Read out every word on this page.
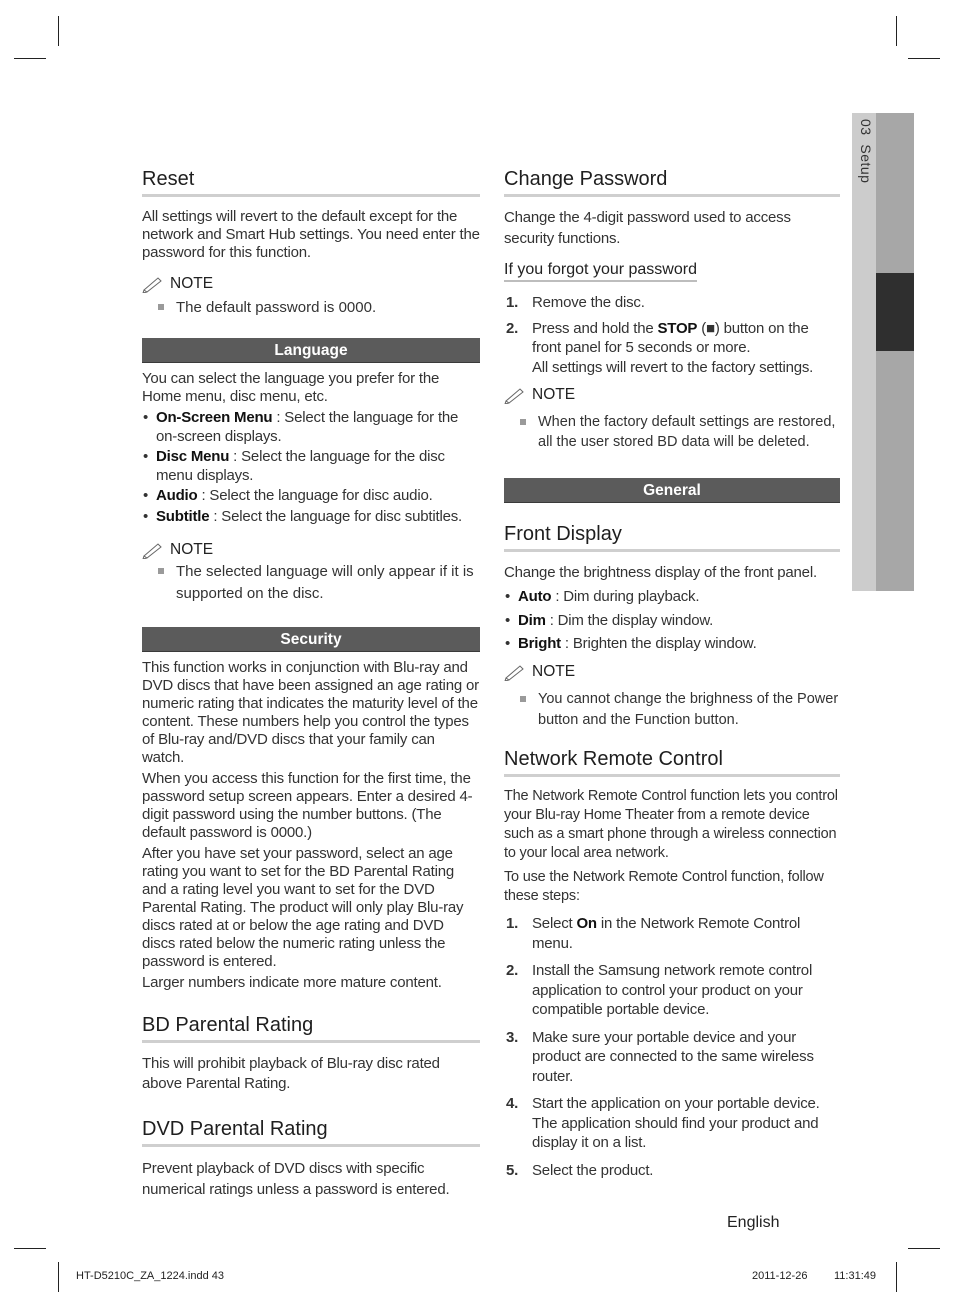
03  Setup
Reset
All settings will revert to the default except for the network and Smart Hub settings. You need enter the password for this function.
NOTE
The default password is 0000.
Language
You can select the language you prefer for the Home menu, disc menu, etc.
• On-Screen Menu : Select the language for the on-screen displays.
• Disc Menu : Select the language for the disc menu displays.
• Audio : Select the language for disc audio.
• Subtitle : Select the language for disc subtitles.
NOTE
The selected language will only appear if it is supported on the disc.
Security
This function works in conjunction with Blu-ray and DVD discs that have been assigned an age rating or numeric rating that indicates the maturity level of the content. These numbers help you control the types of Blu-ray and/DVD discs that your family can watch.
When you access this function for the first time, the password setup screen appears. Enter a desired 4-digit password using the number buttons. (The default password is 0000.)
After you have set your password, select an age rating you want to set for the BD Parental Rating and a rating level you want to set for the DVD Parental Rating. The product will only play Blu-ray discs rated at or below the age rating and DVD discs rated below the numeric rating unless the password is entered.
Larger numbers indicate more mature content.
BD Parental Rating
This will prohibit playback of Blu-ray disc rated above Parental Rating.
DVD Parental Rating
Prevent playback of DVD discs with specific numerical ratings unless a password is entered.
Change Password
Change the 4-digit password used to access security functions.
If you forgot your password
1. Remove the disc.
2. Press and hold the STOP (■) button on the front panel for 5 seconds or more.
All settings will revert to the factory settings.
NOTE
When the factory default settings are restored, all the user stored BD data will be deleted.
General
Front Display
Change the brightness display of the front panel.
• Auto : Dim during playback.
• Dim : Dim the display window.
• Bright : Brighten the display window.
NOTE
You cannot change the brighness of the Power button and the Function button.
Network Remote Control
The Network Remote Control function lets you control your Blu-ray Home Theater from a remote device such as a smart phone through a wireless connection to your local area network.
To use the Network Remote Control function, follow these steps:
1. Select On in the Network Remote Control menu.
2. Install the Samsung network remote control application to control your product on your compatible portable device.
3. Make sure your portable device and your product are connected to the same wireless router.
4. Start the application on your portable device. The application should find your product and display it on a list.
5. Select the product.
English
HT-D5210C_ZA_1224.indd 43	2011-12-26 11:31:49
